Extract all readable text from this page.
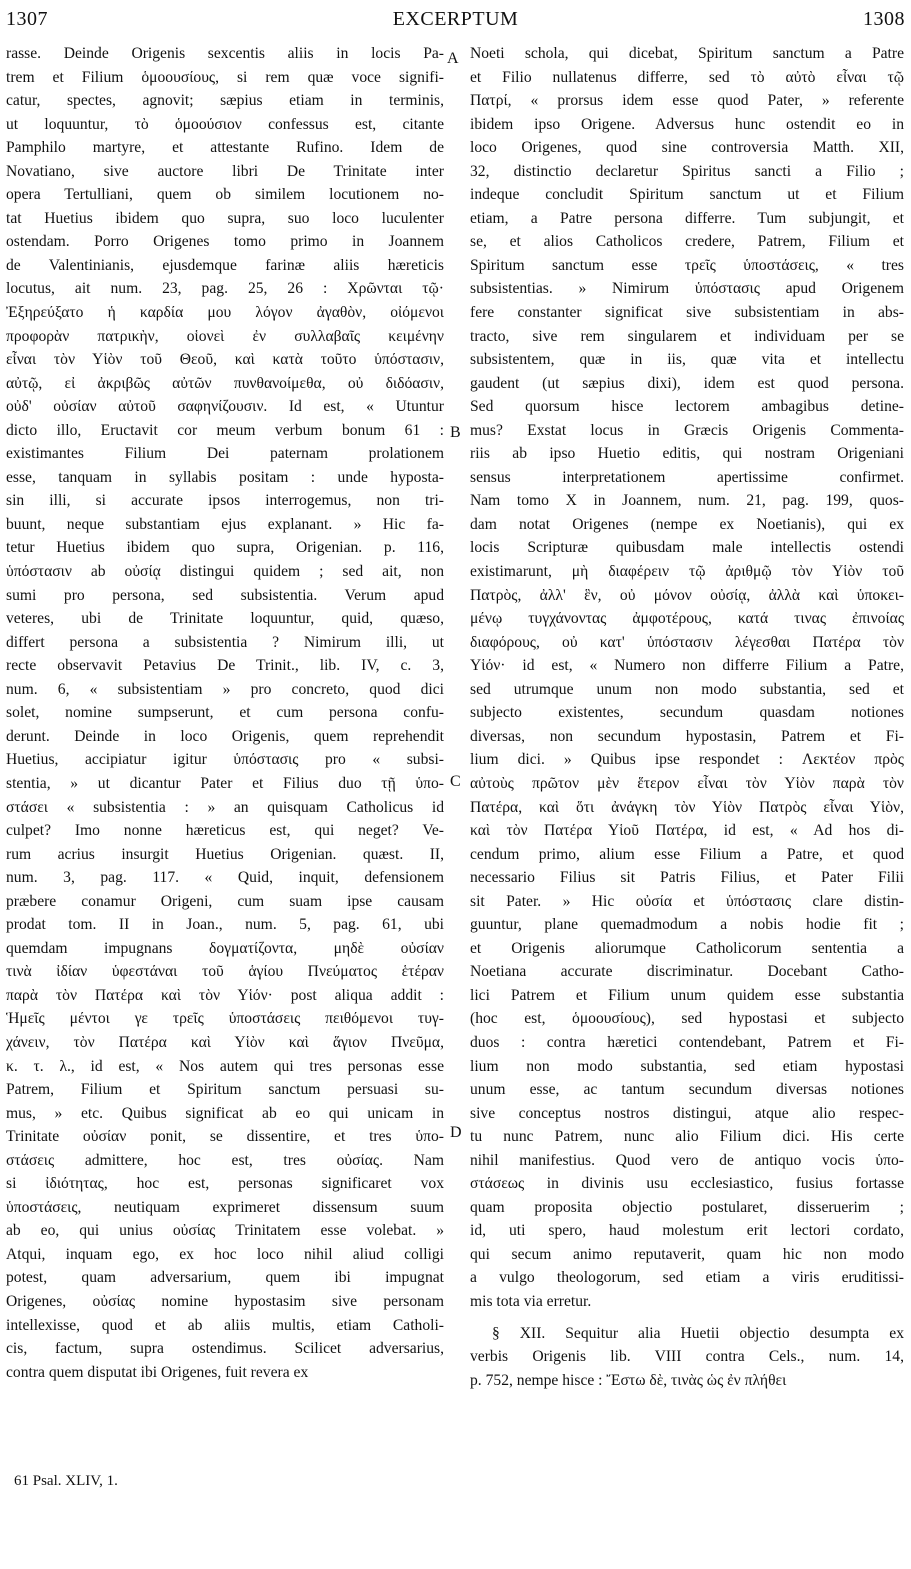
1307	EXCERPTUM	1308
rasse. Deinde Origenis sexcentis aliis in locis Pa-
trem et Filium ὁμοουσίους, si rem quæ voce signifi-
catur, spectes, agnovit; sæpius etiam in terminis,
ut loquuntur, τὸ ὁμοούσιον confessus est, citante
Pamphilo martyre, et attestante Rufino. Idem de
Novatiano, sive auctore libri De Trinitate inter
opera Tertulliani, quem ob similem locutionem no-
tat Huetius ibidem quo supra, suo loco luculenter
ostendam. Porro Origenes tomo primo in Joannem
de Valentinianis, ejusdemque farinæ aliis hæreticis
locutus, ait num. 23, pag. 25, 26 : Χρῶνται τῷ·
Ἐξηρεύξατο ἡ καρδία μου λόγον ἀγαθὸν, οἰόμενοι
προφορὰν πατρικὴν, οἱονεὶ ἐν συλλαβαῖς κειμένην
εἶναι τὸν Υἱὸν τοῦ Θεοῦ, καὶ κατὰ τοῦτο ὑπόστασιν,
αὐτῷ, εἰ ἀκριβῶς αὐτῶν πυνθανοίμεθα, οὐ διδόασιν,
οὐδ' οὐσίαν αὐτοῦ σαφηνίζουσιν. Id est, « Utuntur
dicto illo, Eructavit cor meum verbum bonum 61 :
existimantes Filium Dei paternam prolationem
esse, tanquam in syllabis positam : unde hyposta-
sin illi, si accurate ipsos interrogemus, non tri-
buunt, neque substantiam ejus explanant. » Hic fa-
tetur Huetius ibidem quo supra, Origenian. p. 116,
ὑπόστασιν ab οὐσίᾳ distingui quidem ; sed ait, non
sumi pro persona, sed subsistentia. Verum apud
veteres, ubi de Trinitate loquuntur, quid, quæso,
differt persona a subsistentia ? Nimirum illi, ut
recte observavit Petavius De Trinit., lib. IV, c. 3,
num. 6, « subsistentiam » pro concreto, quod dici
solet, nomine sumpserunt, et cum persona confu-
derunt. Deinde in loco Origenis, quem reprehendit
Huetius, accipiatur igitur ὑπόστασις pro « subsi-
stentia, » ut dicantur Pater et Filius duo τῇ ὑπο-
στάσει « subsistentia : » an quisquam Catholicus id
culpet? Imo nonne hæreticus est, qui neget? Ve-
rum acrius insurgit Huetius Origenian. quæst. II,
num. 3, pag. 117. « Quid, inquit, defensionem
præbere conamur Origeni, cum suam ipse causam
prodat tom. II in Joan., num. 5, pag. 61, ubi
quemdam impugnans δογματίζοντα, μηδὲ οὐσίαν
τινὰ ἰδίαν ὑφεστάναι τοῦ ἁγίου Πνεύματος ἑτέραν
παρὰ τὸν Πατέρα καὶ τὸν Υἱόν· post aliqua addit :
Ἡμεῖς μέντοι γε τρεῖς ὑποστάσεις πειθόμενοι τυγ-
χάνειν, τὸν Πατέρα καὶ Υἱὸν καὶ ἅγιον Πνεῦμα,
κ. τ. λ., id est, « Nos autem qui tres personas esse
Patrem, Filium et Spiritum sanctum persuasi su-
mus, » etc. Quibus significat ab eo qui unicam in
Trinitate οὐσίαν ponit, se dissentire, et tres ὑπο-
στάσεις admittere, hoc est, tres οὐσίας. Nam
si ἰδιότητας, hoc est, personas significaret vox
ὑποστάσεις, neutiquam exprimeret dissensum suum
ab eo, qui unius οὐσίας Trinitatem esse volebat. »
Atqui, inquam ego, ex hoc loco nihil aliud colligi
potest, quam adversarium, quem ibi impugnat
Origenes, οὐσίας nomine hypostasim sive personam
intellexisse, quod et ab aliis multis, etiam Catholi-
cis, factum, supra ostendimus. Scilicet adversarius,
contra quem disputat ibi Origenes, fuit revera ex
Noeti schola, qui dicebat, Spiritum sanctum a Patre
et Filio nullatenus differre, sed τὸ αὐτὸ εἶναι τῷ
Πατρί, « prorsus idem esse quod Pater, » referente
ibidem ipso Origene. Adversus hunc ostendit eo in
loco Origenes, quod sine controversia Matth. XII,
32, distinctio declaretur Spiritus sancti a Filio ;
indeque concludit Spiritum sanctum ut et Filium
etiam, a Patre persona differre. Tum subjungit, et
se, et alios Catholicos credere, Patrem, Filium et
Spiritum sanctum esse τρεῖς ὑποστάσεις, « tres
subsistentias. » Nimirum ὑπόστασις apud Origenem
fere constanter significat sive subsistentiam in abs-
tracto, sive rem singularem et individuam per se
subsistentem, quæ in iis, quæ vita et intellectu
gaudent (ut sæpius dixi), idem est quod persona.
Sed quorsum hisce lectorem ambagibus detine-
mus? Exstat locus in Græcis Origenis Commenta-
riis ab ipso Huetio editis, qui nostram Origeniani
sensus interpretationem apertissime confirmet.
Nam tomo X in Joannem, num. 21, pag. 199, quos-
dam notat Origenes (nempe ex Noetianis), qui ex
locis Scripturæ quibusdam male intellectis ostendi
existimarunt, μὴ διαφέρειν τῷ ἀριθμῷ τὸν Υἱὸν τοῦ
Πατρὸς, ἀλλ' ἓν, οὐ μόνον οὐσίᾳ, ἀλλὰ καὶ ὑποκει-
μένῳ τυγχάνοντας ἀμφοτέρους, κατά τινας ἐπινοίας
διαφόρους, οὐ κατ' ὑπόστασιν λέγεσθαι Πατέρα τὸν
Υἱόν· id est, « Numero non differre Filium a Patre,
sed utrumque unum non modo substantia, sed et
subjecto existentes, secundum quasdam notiones
diversas, non secundum hypostasin, Patrem et Fi-
lium dici. » Quibus ipse respondet : Λεκτέον πρὸς
αὐτοὺς πρῶτον μὲν ἕτερον εἶναι τὸν Υἱὸν παρὰ τὸν
Πατέρα, καὶ ὅτι ἀνάγκη τὸν Υἱὸν Πατρὸς εἶναι Υἱὸν,
καὶ τὸν Πατέρα Υἱοῦ Πατέρα, id est, « Ad hos di-
cendum primo, alium esse Filium a Patre, et quod
necessario Filius sit Patris Filius, et Pater Filii
sit Pater. » Hic οὐσία et ὑπόστασις clare distin-
guuntur, plane quemadmodum a nobis hodie fit ;
et Origenis aliorumque Catholicorum sententia a
Noetiana accurate discriminatur. Docebant Catho-
lici Patrem et Filium unum quidem esse substantia
(hoc est, ὁμοουσίους), sed hypostasi et subjecto
duos : contra hæretici contendebant, Patrem et Fi-
lium non modo substantia, sed etiam hypostasi
unum esse, ac tantum secundum diversas notiones
sive conceptus nostros distingui, atque alio respec-
tu nunc Patrem, nunc alio Filium dici. His certe
nihil manifestius. Quod vero de antiquo vocis ὑπο-
στάσεως in divinis usu ecclesiastico, fusius fortasse
quam proposita objectio postularet, disseruerim ;
id, uti spero, haud molestum erit lectori cordato,
qui secum animo reputaverit, quam hic non modo
a vulgo theologorum, sed etiam a viris eruditissi-
mis tota via erretur.
§ XII. Sequitur alia Huetii objectio desumpta ex
verbis Origenis lib. VIII contra Cels., num. 14,
p. 752, nempe hisce : Ἔστω δὲ, τινὰς ὡς ἐν πλήθει
A
B
C
D
61 Psal. XLIV, 1.
